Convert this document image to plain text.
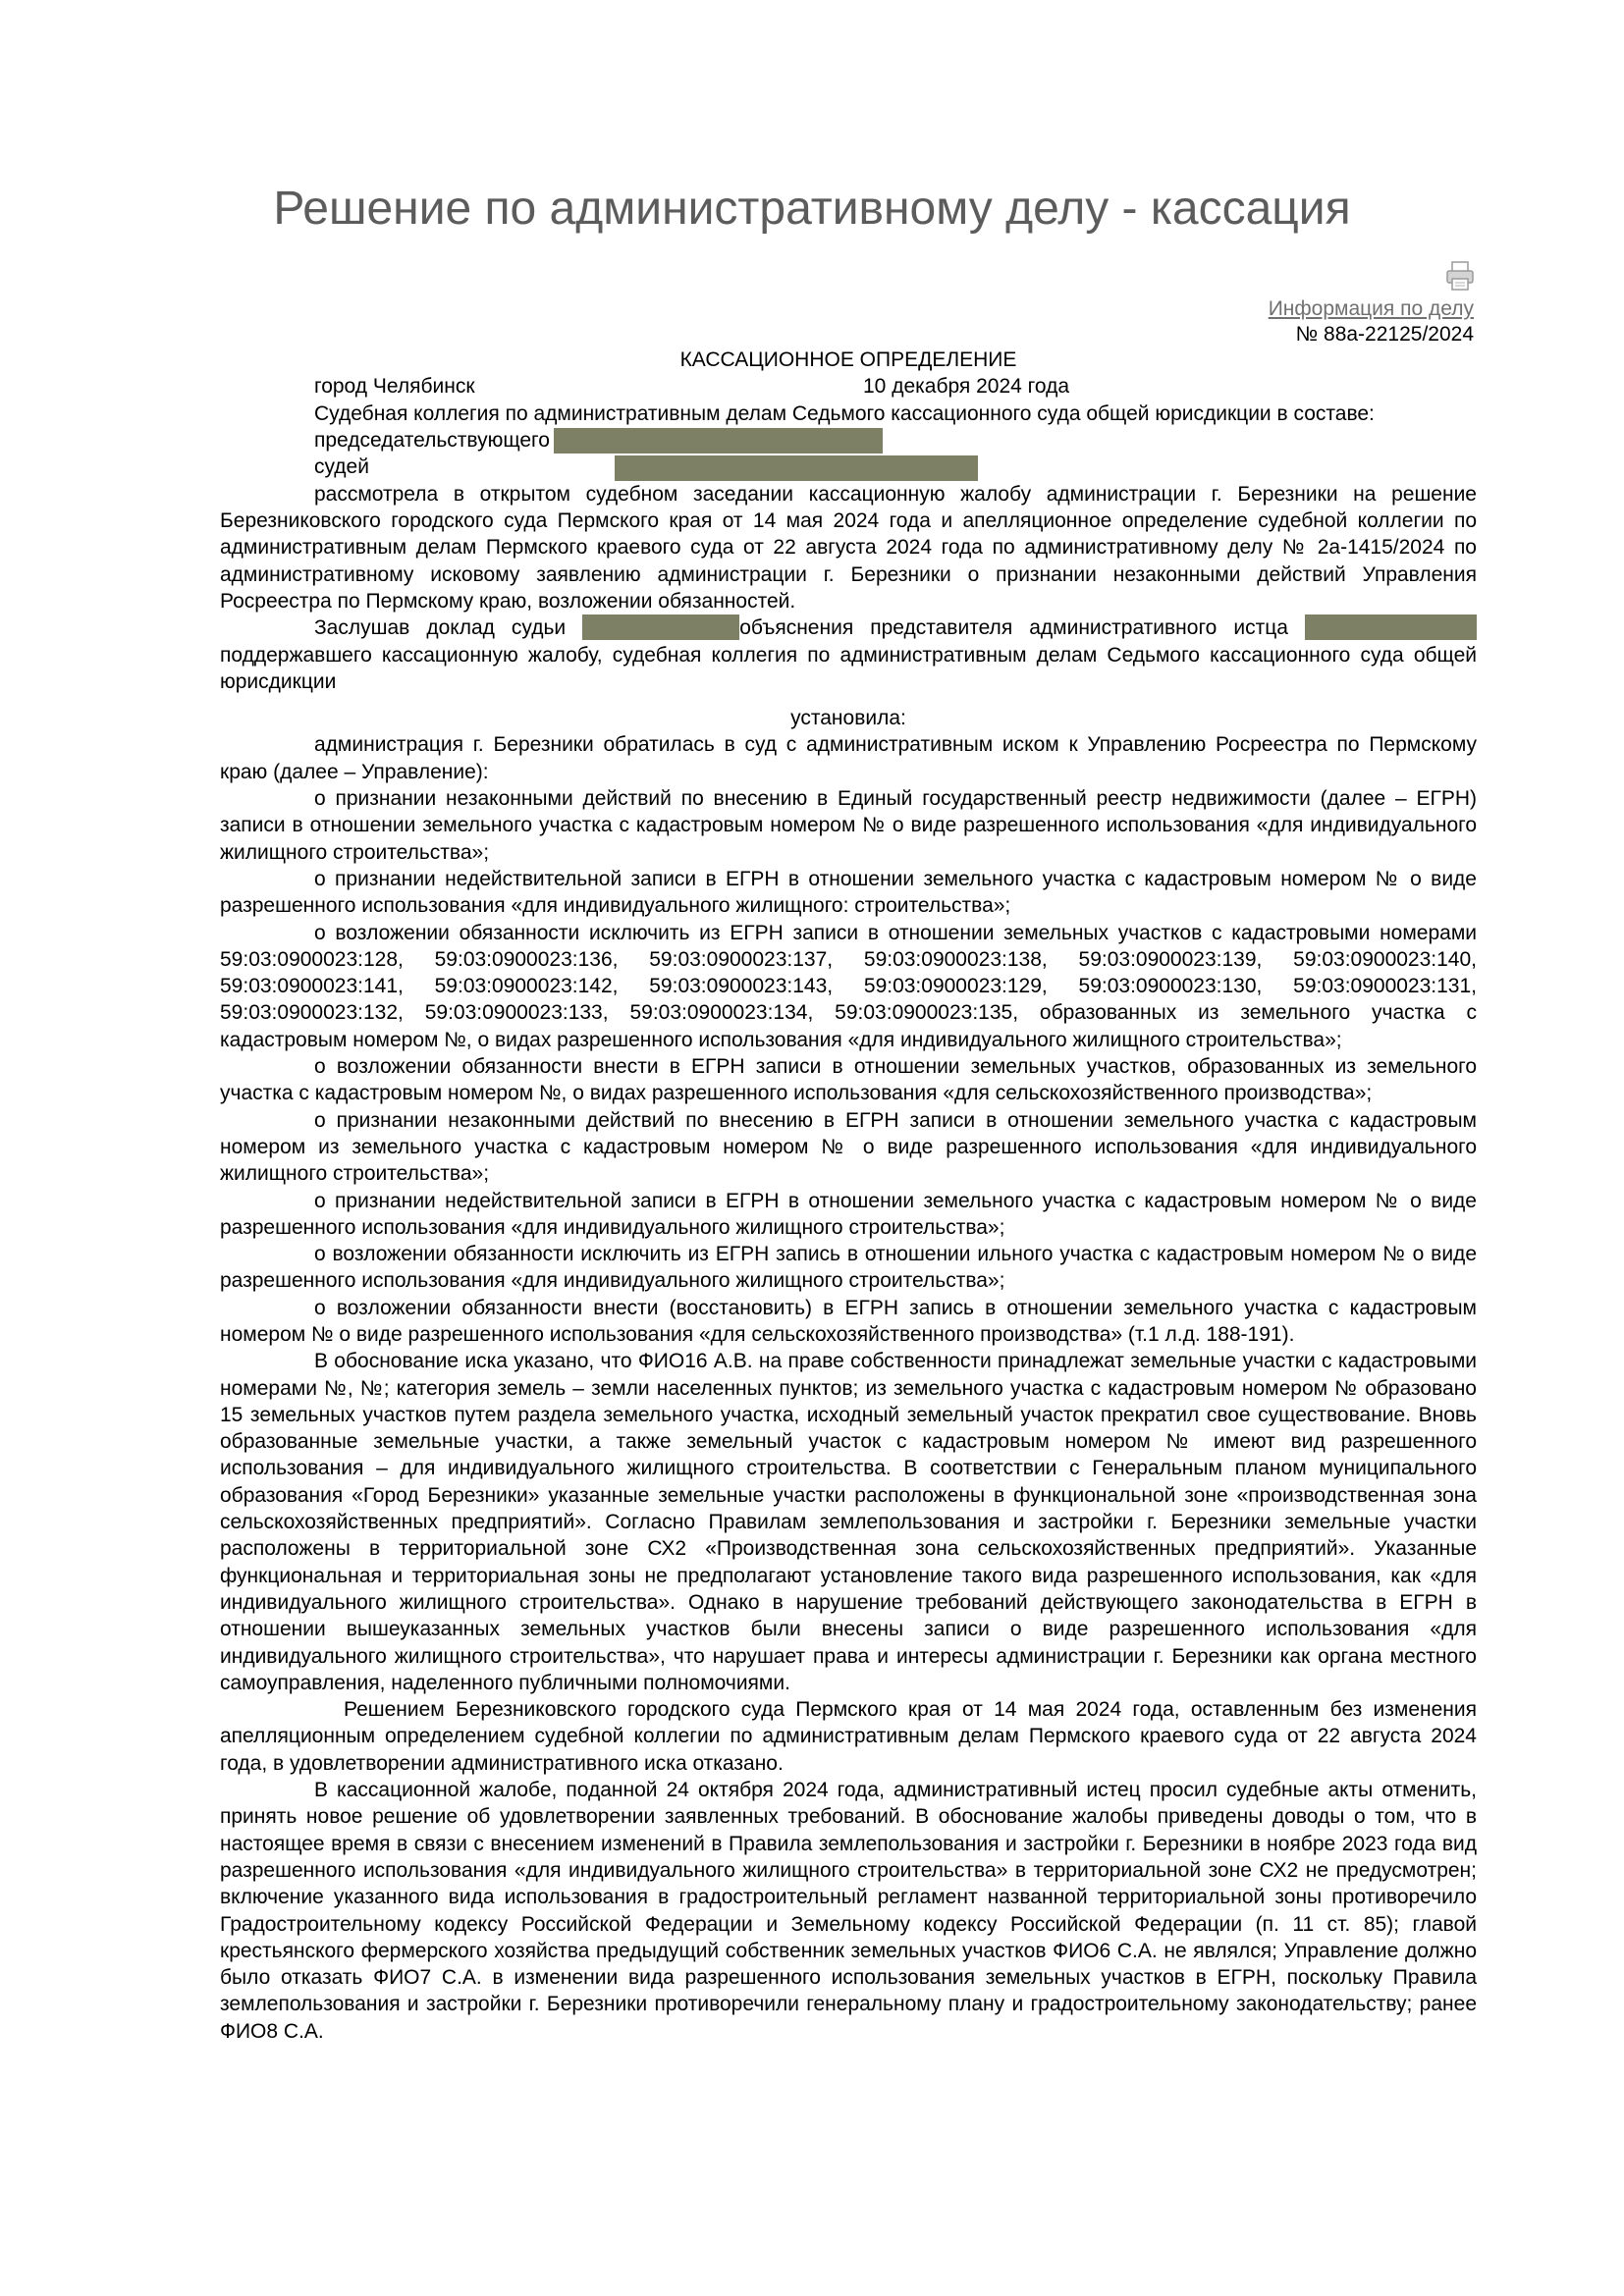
Решение по административному делу - кассация
Информация по делу
№ 88а-22125/2024

КАССАЦИОННОЕ ОПРЕДЕЛЕНИЕ

город Челябинск	10 декабря 2024 года

Судебная коллегия по административным делам Седьмого кассационного суда общей юрисдикции в составе:

председательствующего
судей

рассмотрела в открытом судебном заседании кассационную жалобу администрации г. Березники на решение Березниковского городского суда Пермского края от 14 мая 2024 года и апелляционное определение судебной коллегии по административным делам Пермского краевого суда от 22 августа 2024 года по административному делу № 2а-1415/2024 по административному исковому заявлению администрации г. Березники о признании незаконными действий Управления Росреестра по Пермскому краю, возложении обязанностей.

Заслушав доклад судьи	объяснения представителя административного истца  поддержавшего кассационную жалобу, судебная коллегия по административным делам Седьмого кассационного суда общей юрисдикции

установила:

администрация г. Березники обратилась в суд с административным иском к Управлению Росреестра по Пермскому краю (далее – Управление):

о признании незаконными действий по внесению в Единый государственный реестр недвижимости (далее – ЕГРН) записи в отношении земельного участка с кадастровым номером № о виде разрешенного использования «для индивидуального жилищного строительства»;

о признании недействительной записи в ЕГРН в отношении земельного участка с кадастровым номером № о виде разрешенного использования «для индивидуального жилищного: строительства»;

о возложении обязанности исключить из ЕГРН записи в отношении земельных участков с кадастровыми номерами 59:03:0900023:128, 59:03:0900023:136, 59:03:0900023:137, 59:03:0900023:138, 59:03:0900023:139, 59:03:0900023:140, 59:03:0900023:141, 59:03:0900023:142, 59:03:0900023:143, 59:03:0900023:129, 59:03:0900023:130, 59:03:0900023:131, 59:03:0900023:132, 59:03:0900023:133, 59:03:0900023:134, 59:03:0900023:135, образованных из земельного участка с кадастровым номером №, о видах разрешенного использования «для индивидуального жилищного строительства»;

о возложении обязанности внести в ЕГРН записи в отношении земельных участков, образованных из земельного участка с кадастровым номером №, о видах разрешенного использования «для сельскохозяйственного производства»;

о признании незаконными действий по внесению в ЕГРН записи в отношении земельного участка с кадастровым номером из земельного участка с кадастровым номером № о виде разрешенного использования «для индивидуального жилищного строительства»;

о признании недействительной записи в ЕГРН в отношении земельного участка с кадастровым номером № о виде разрешенного использования «для индивидуального жилищного строительства»;

о возложении обязанности исключить из ЕГРН запись в отношении ильного участка с кадастровым номером № о виде разрешенного использования «для индивидуального жилищного строительства»;

о возложении обязанности внести (восстановить) в ЕГРН запись в отношении земельного участка с кадастровым номером № о виде разрешенного использования «для сельскохозяйственного производства» (т.1 л.д. 188-191).

В обоснование иска указано, что ФИО16 А.В. на праве собственности принадлежат земельные участки с кадастровыми номерами №, №; категория земель – земли населенных пунктов; из земельного участка с кадастровым номером № образовано 15 земельных участков путем раздела земельного участка, исходный земельный участок прекратил свое существование. Вновь образованные земельные участки, а также земельный участок с кадастровым номером № имеют вид разрешенного использования – для индивидуального жилищного строительства. В соответствии с Генеральным планом муниципального образования «Город Березники» указанные земельные участки расположены в функциональной зоне «производственная зона сельскохозяйственных предприятий». Согласно Правилам землепользования и застройки г. Березники земельные участки расположены в территориальной зоне СХ2 «Производственная зона сельскохозяйственных предприятий». Указанные функциональная и территориальная зоны не предполагают установление такого вида разрешенного использования, как «для индивидуального жилищного строительства». Однако в нарушение требований действующего законодательства в ЕГРН в отношении вышеуказанных земельных участков были внесены записи о виде разрешенного использования «для индивидуального жилищного строительства», что нарушает права и интересы администрации г. Березники как органа местного самоуправления, наделенного публичными полномочиями.

Решением Березниковского городского суда Пермского края от 14 мая 2024 года, оставленным без изменения апелляционным определением судебной коллегии по административным делам Пермского краевого суда от 22 августа 2024 года, в удовлетворении административного иска отказано.

В кассационной жалобе, поданной 24 октября 2024 года, административный истец просил судебные акты отменить, принять новое решение об удовлетворении заявленных требований. В обоснование жалобы приведены доводы о том, что в настоящее время в связи с внесением изменений в Правила землепользования и застройки г. Березники в ноябре 2023 года вид разрешенного использования «для индивидуального жилищного строительства» в территориальной зоне СХ2 не предусмотрен; включение указанного вида использования в градостроительный регламент названной территориальной зоны противоречило Градостроительному кодексу Российской Федерации и Земельному кодексу Российской Федерации (п. 11 ст. 85); главой крестьянского фермерского хозяйства предыдущий собственник земельных участков ФИО6 С.А. не являлся; Управление должно было отказать ФИО7 С.А. в изменении вида разрешенного использования земельных участков в ЕГРН, поскольку Правила землепользования и застройки г. Березники противоречили генеральному плану и градостроительному законодательству; ранее ФИО8 С.А.
